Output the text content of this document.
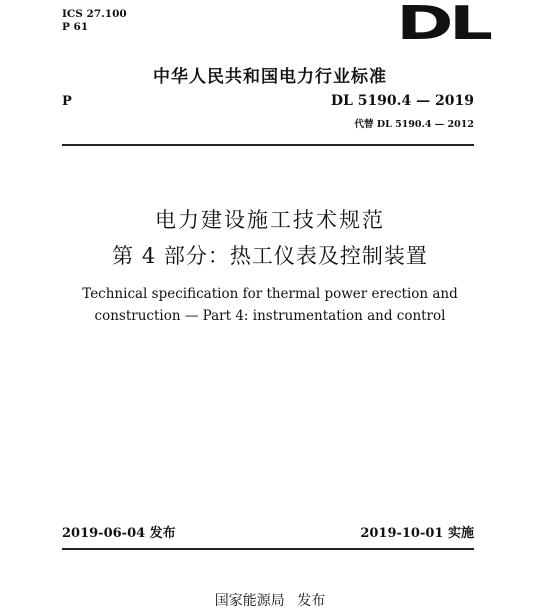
ICS 27.100
P 61	DL
中华人民共和国电力行业标准
P	DL 5190.4 — 2019
代替 DL 5190.4 — 2012
电力建设施工技术规范
第 4 部分：热工仪表及控制装置
Technical specification for thermal power erection and
construction — Part 4: instrumentation and control
2019-06-04 发布	2019-10-01 实施
国家能源局 发布
